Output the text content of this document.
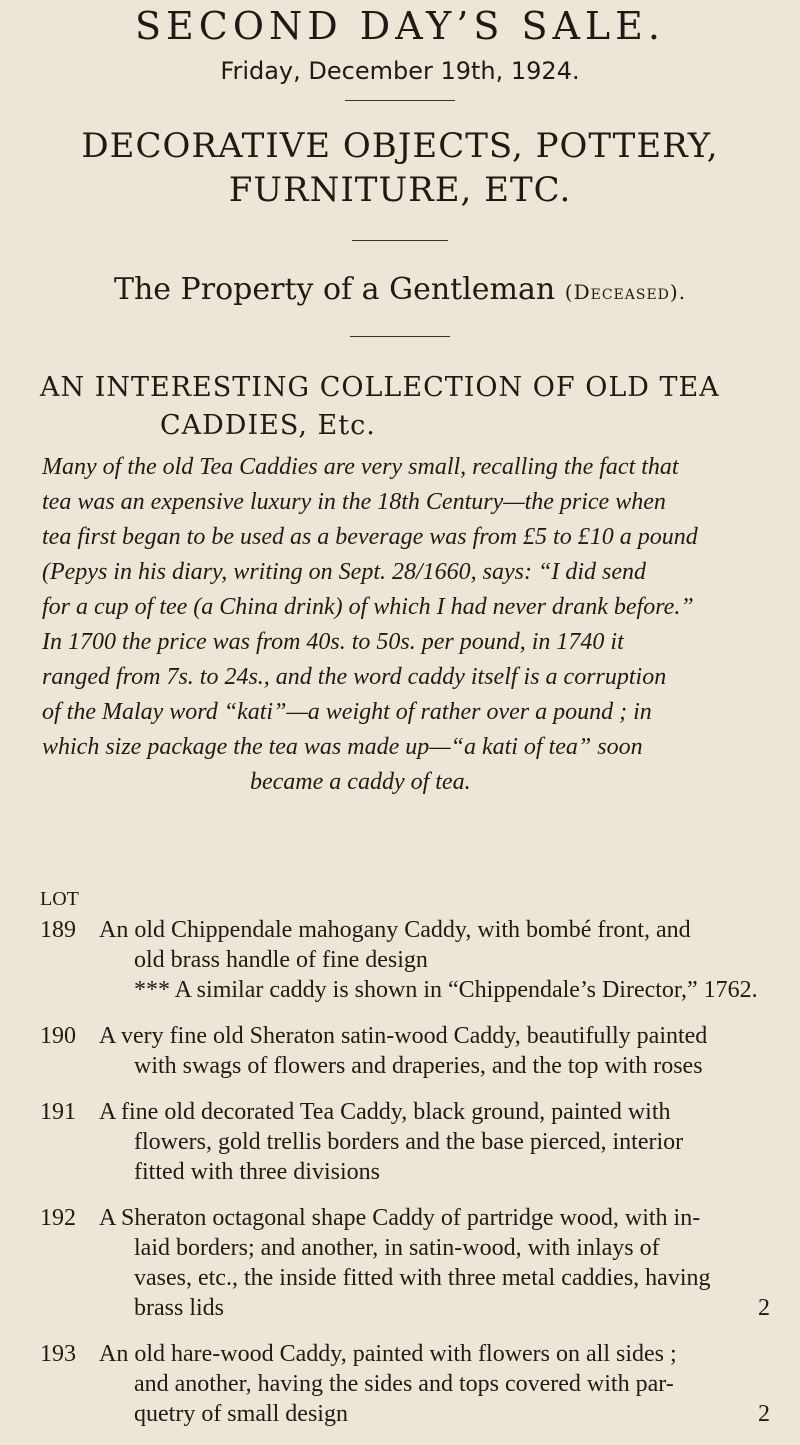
SECOND DAY’S SALE.
Friday, December 19th, 1924.
DECORATIVE OBJECTS, POTTERY,
FURNITURE, ETC.
The Property of a Gentleman (Deceased).
AN INTERESTING COLLECTION OF OLD TEA
CADDIES, Etc.
Many of the old Tea Caddies are very small, recalling the fact that
tea was an expensive luxury in the 18th Century—the price when
tea first began to be used as a beverage was from £5 to £10 a pound
(Pepys in his diary, writing on Sept. 28/1660, says: “I did send
for a cup of tee (a China drink) of which I had never drank before.”
In 1700 the price was from 40s. to 50s. per pound, in 1740 it
ranged from 7s. to 24s., and the word caddy itself is a corruption
of the Malay word “kati”—a weight of rather over a pound ; in
which size package the tea was made up—“a kati of tea” soon
became a caddy of tea.
LOT
189 An old Chippendale mahogany Caddy, with bombé front, and
old brass handle of fine design
*** A similar caddy is shown in “Chippendale’s Director,” 1762.
190 A very fine old Sheraton satin-wood Caddy, beautifully painted
with swags of flowers and draperies, and the top with roses
191 A fine old decorated Tea Caddy, black ground, painted with
flowers, gold trellis borders and the base pierced, interior
fitted with three divisions
192 A Sheraton octagonal shape Caddy of partridge wood, with in-
laid borders; and another, in satin-wood, with inlays of
vases, etc., the inside fitted with three metal caddies, having
brass lids	2
193 An old hare-wood Caddy, painted with flowers on all sides ;
and another, having the sides and tops covered with par-
quetry of small design	2
